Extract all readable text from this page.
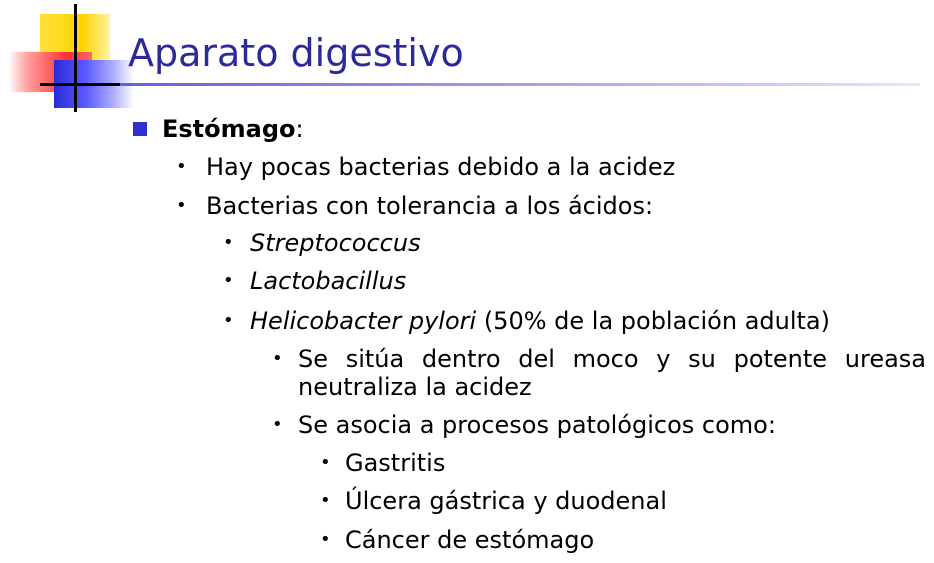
Aparato digestivo
Estómago:
• Hay pocas bacterias debido a la acidez
• Bacterias con tolerancia a los ácidos:
• Streptococcus
• Lactobacillus
• Helicobacter pylori (50% de la población adulta)
• Se sitúa dentro del moco y su potente ureasa neutraliza la acidez
• Se asocia a procesos patológicos como:
• Gastritis
• Úlcera gástrica y duodenal
• Cáncer de estómago
